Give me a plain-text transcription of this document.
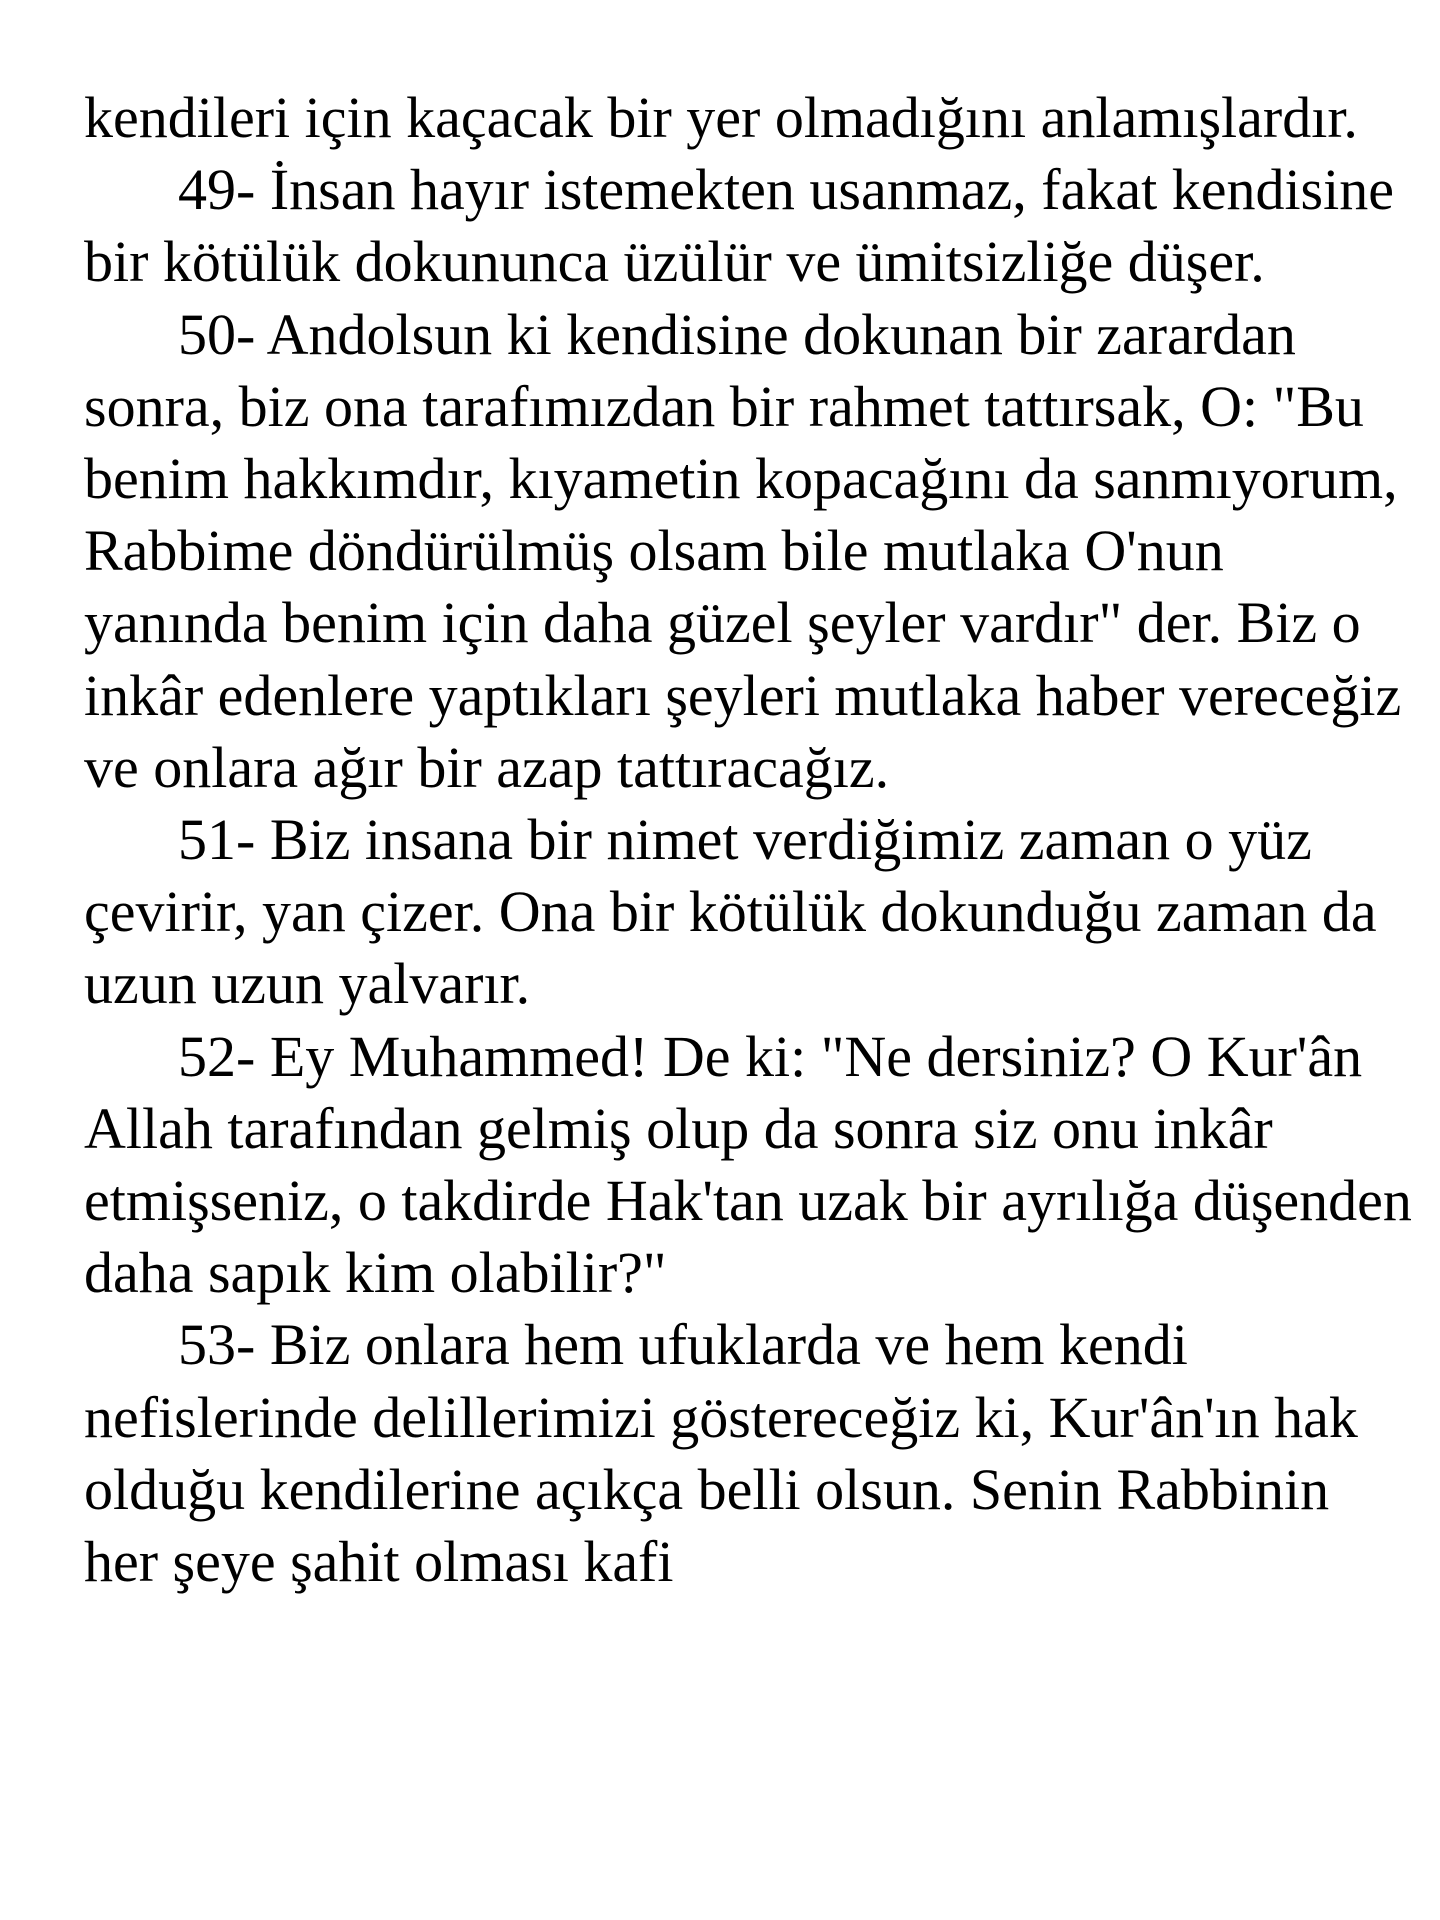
kendileri için kaçacak bir yer olmadığını anlamışlardır.

49- İnsan hayır istemekten usanmaz, fakat kendisine bir kötülük dokununca üzülür ve ümitsizliğe düşer.

50- Andolsun ki kendisine dokunan bir zarardan sonra, biz ona tarafımızdan bir rahmet tattırsak, O: "Bu benim hakkımdır, kıyametin kopacağını da sanmıyorum, Rabbime döndürülmüş olsam bile mutlaka O'nun yanında benim için daha güzel şeyler vardır" der. Biz o inkâr edenlere yaptıkları şeyleri mutlaka haber vereceğiz ve onlara ağır bir azap tattıracağız.

51- Biz insana bir nimet verdiğimiz zaman o yüz çevirir, yan çizer. Ona bir kötülük dokunduğu zaman da uzun uzun yalvarır.

52- Ey Muhammed! De ki: "Ne dersiniz? O Kur'ân Allah tarafından gelmiş olup da sonra siz onu inkâr etmişseniz, o takdirde Hak'tan uzak bir ayrılığa düşenden daha sapık kim olabilir?"

53- Biz onlara hem ufuklarda ve hem kendi nefislerinde delillerimizi göstereceğiz ki, Kur'ân'ın hak olduğu kendilerine açıkça belli olsun. Senin Rabbinin her şeye şahit olması kafi
